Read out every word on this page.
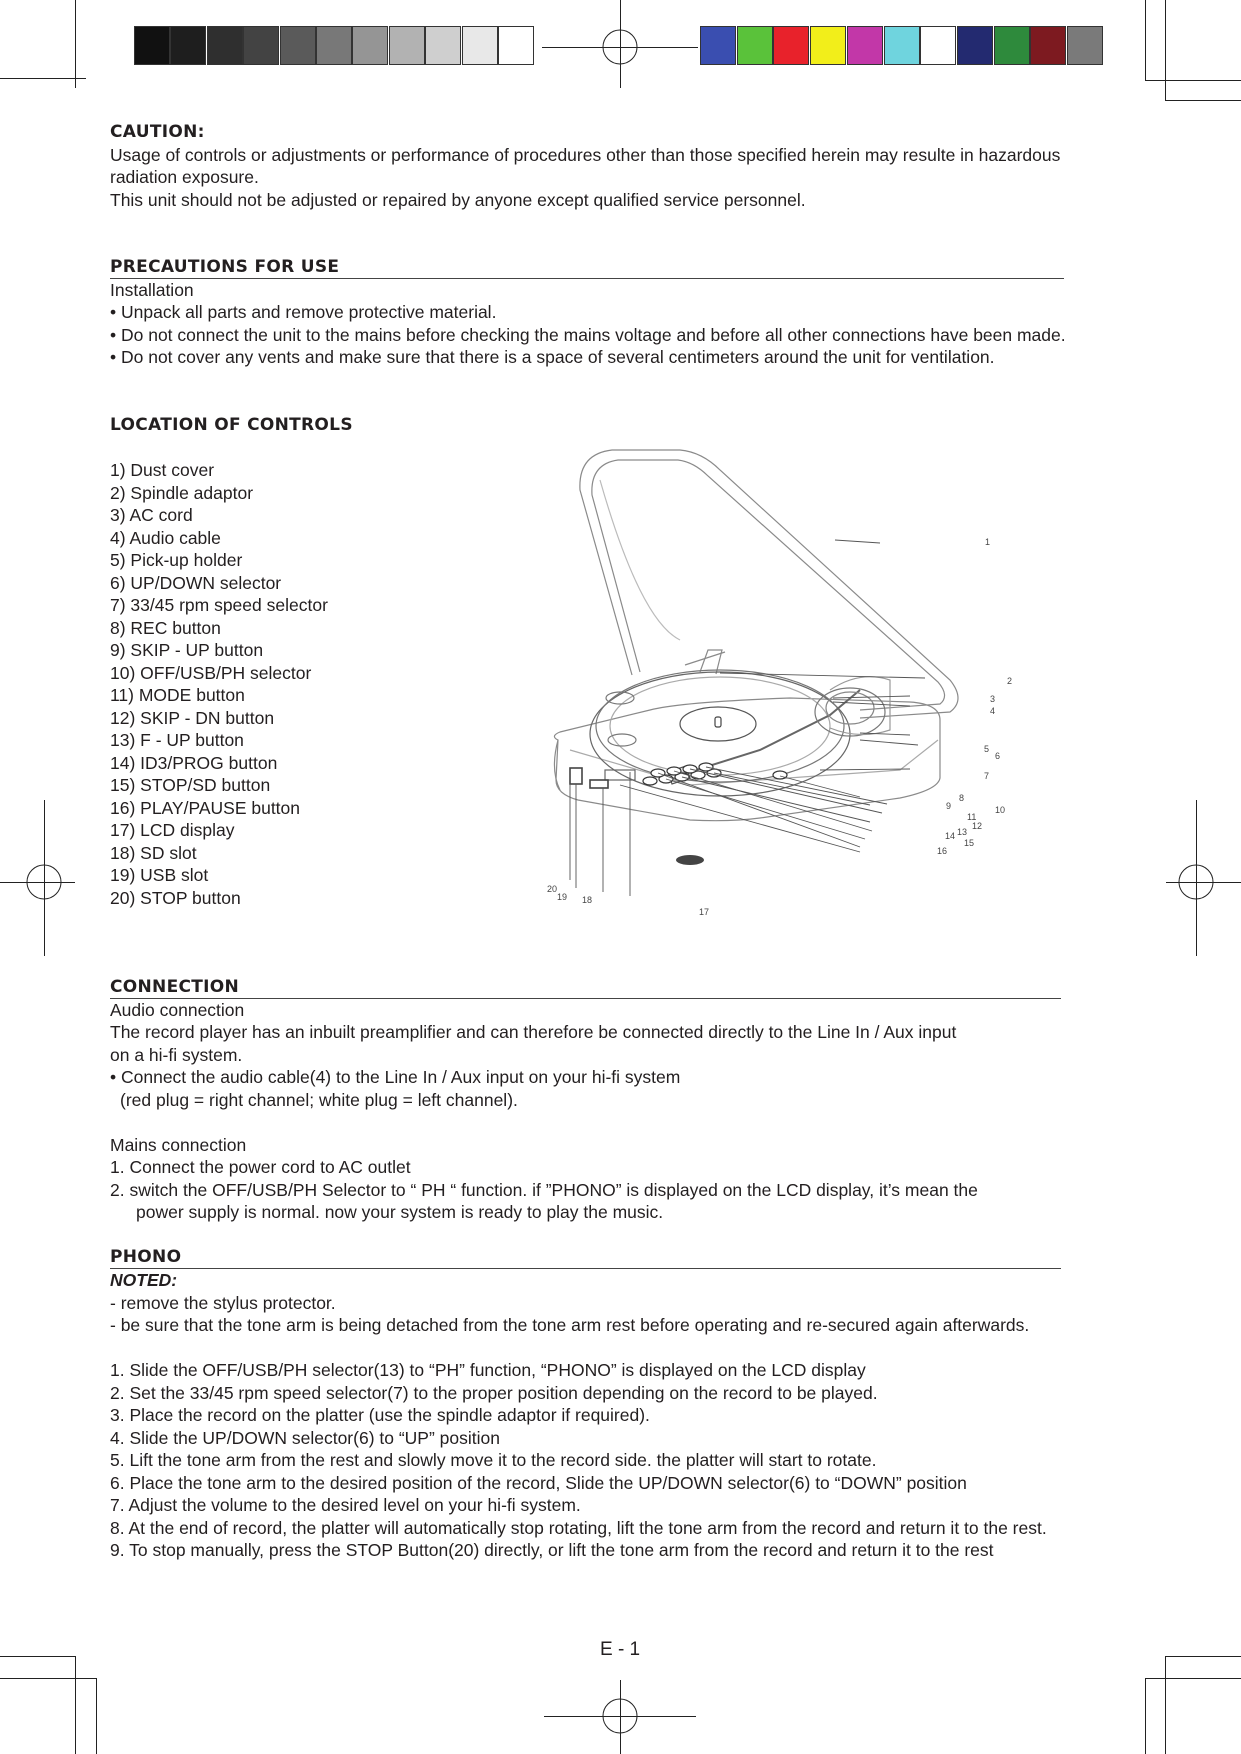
CAUTION:
Usage of controls or adjustments or performance of procedures other than those specified herein may resulte in hazardous
radiation exposure.
This unit should not be adjusted or repaired by anyone except qualified service personnel.
PRECAUTIONS FOR USE
Installation
• Unpack all parts and remove protective material.
• Do not connect the unit to the mains before checking the mains voltage and before all other connections have been made.
• Do not cover any vents and make sure that there is a space of several centimeters around the unit for ventilation.
LOCATION OF CONTROLS
1) Dust cover
2) Spindle adaptor
3) AC cord
4) Audio cable
5) Pick-up holder
6) UP/DOWN selector
7) 33/45 rpm speed selector
8) REC button
9) SKIP - UP button
10) OFF/USB/PH selector
11) MODE button
12) SKIP - DN button
13) F - UP button
14) ID3/PROG button
15) STOP/SD button
16) PLAY/PAUSE button
17) LCD display
18) SD slot
19) USB slot
20) STOP button
1
2
3
4
5
6
7
8
9	10
11
12
13
14
15
16
17
18
19
20
CONNECTION
Audio connection
The record player has an inbuilt preamplifier and can therefore be connected directly to the Line In / Aux input
on a hi-fi system.
• Connect the audio cable(4) to the Line In / Aux input on your hi-fi system
(red plug = right channel; white plug = left channel).
Mains connection
1. Connect the power cord to AC outlet
2. switch the OFF/USB/PH Selector to “ PH “ function. if ”PHONO” is displayed on the LCD display, it’s mean the
power supply is normal. now your system is ready to play the music.
PHONO
NOTED:
- remove the stylus protector.
- be sure that the tone arm is being detached from the tone arm rest before operating and re-secured again afterwards.
1. Slide the OFF/USB/PH selector(13) to “PH” function, “PHONO” is displayed on the LCD display
2. Set the 33/45 rpm speed selector(7) to the proper position depending on the record to be played.
3. Place the record on the platter (use the spindle adaptor if required).
4. Slide the UP/DOWN selector(6) to “UP” position
5. Lift the tone arm from the rest and slowly move it to the record side. the platter will start to rotate.
6. Place the tone arm to the desired position of the record, Slide the UP/DOWN selector(6) to “DOWN” position
7. Adjust the volume to the desired level on your hi-fi system.
8. At the end of record, the platter will automatically stop rotating, lift the tone arm from the record and return it to the rest.
9. To stop manually, press the STOP Button(20) directly, or lift the tone arm from the record and return it to the rest
E - 1
